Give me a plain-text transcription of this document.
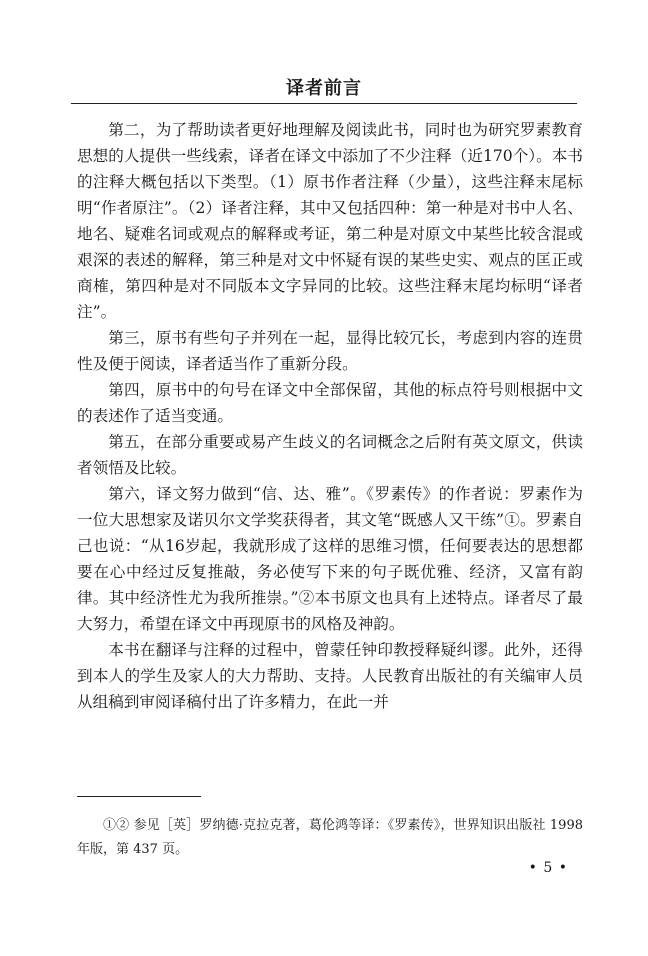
译者前言

第二，为了帮助读者更好地理解及阅读此书，同时也为研究罗素教育思想的人提供一些线索，译者在译文中添加了不少注释（近170个）。本书的注释大概包括以下类型。（1）原书作者注释（少量），这些注释末尾标明“作者原注”。（2）译者注释，其中又包括四种：第一种是对书中人名、地名、疑难名词或观点的解释或考证，第二种是对原文中某些比较含混或艰深的表述的解释，第三种是对文中怀疑有误的某些史实、观点的匡正或商榷，第四种是对不同版本文字异同的比较。这些注释末尾均标明“译者注”。

第三，原书有些句子并列在一起，显得比较冗长，考虑到内容的连贯性及便于阅读，译者适当作了重新分段。

第四，原书中的句号在译文中全部保留，其他的标点符号则根据中文的表述作了适当变通。

第五，在部分重要或易产生歧义的名词概念之后附有英文原文，供读者领悟及比较。

第六，译文努力做到“信、达、雅”。《罗素传》的作者说：罗素作为一位大思想家及诺贝尔文学奖获得者，其文笔“既感人又干练”①。罗素自己也说：“从16岁起，我就形成了这样的思维习惯，任何要表达的思想都要在心中经过反复推敲，务必使写下来的句子既优雅、经济，又富有韵律。其中经济性尤为我所推崇。”②本书原文也具有上述特点。译者尽了最大努力，希望在译文中再现原书的风格及神韵。

本书在翻译与注释的过程中，曾蒙任钟印教授释疑纠谬。此外，还得到本人的学生及家人的大力帮助、支持。人民教育出版社的有关编审人员从组稿到审阅译稿付出了许多精力，在此一并

①② 参见［英］罗纳德·克拉克著，葛伦鸿等译：《罗素传》，世界知识出版社 1998 年版，第 437 页。

• 5 •
